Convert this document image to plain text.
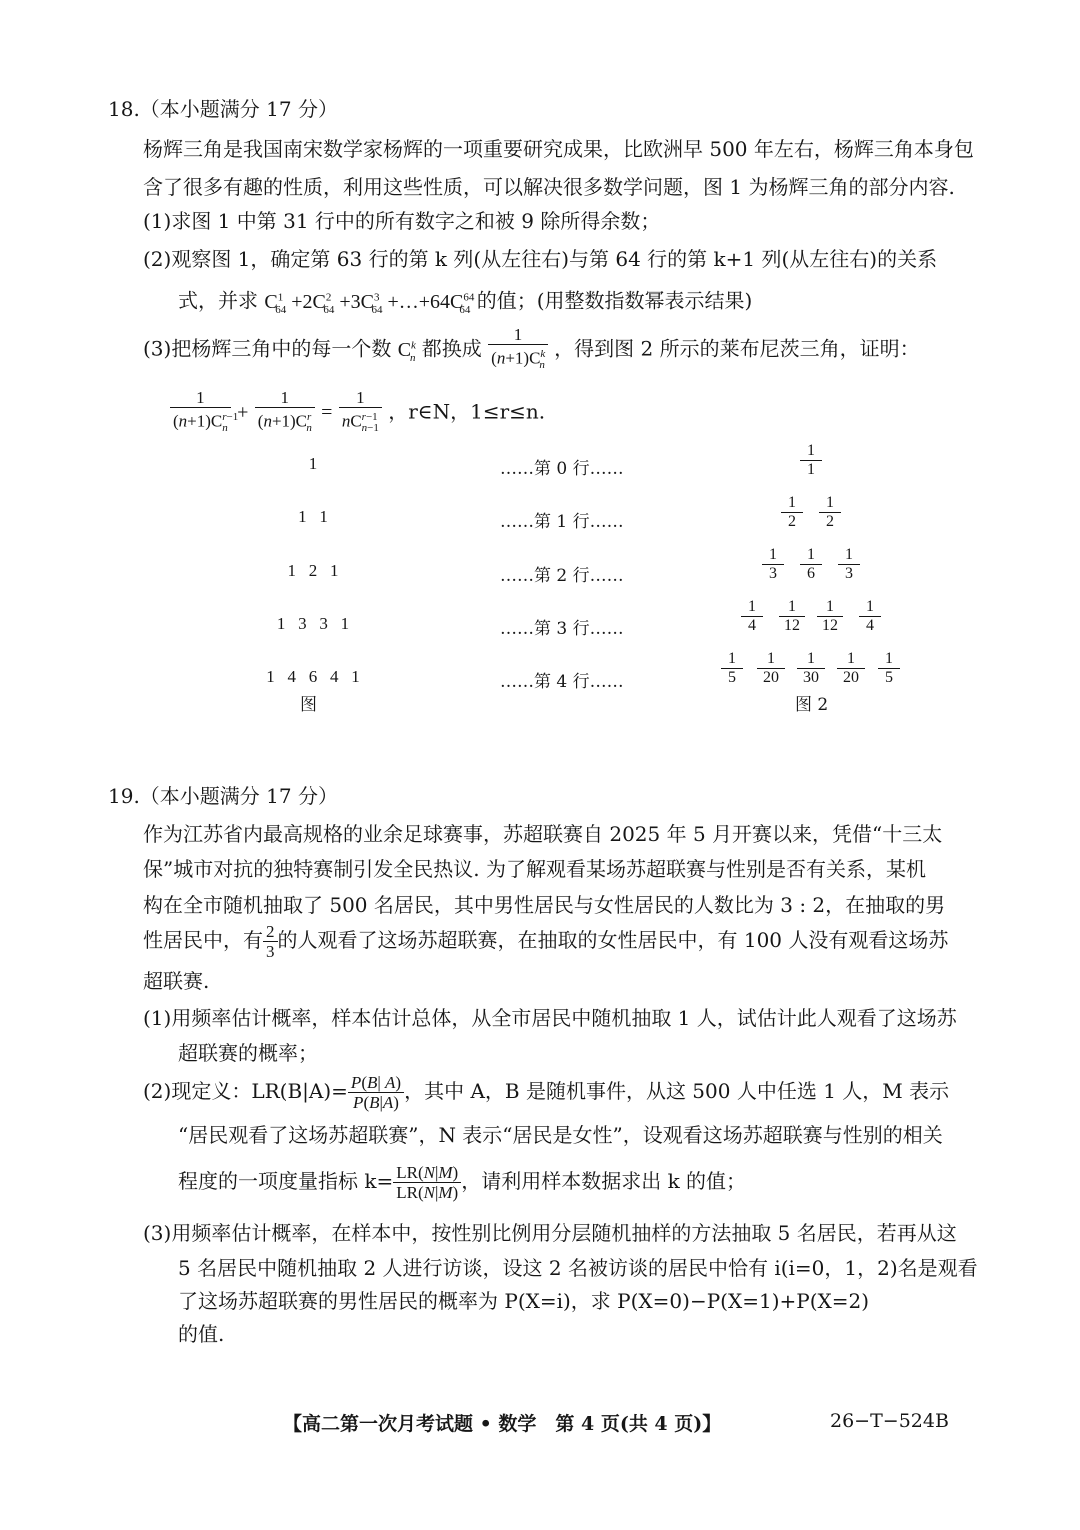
18.（本小题满分 17 分）
杨辉三角是我国南宋数学家杨辉的一项重要研究成果，比欧洲早 500 年左右，杨辉三角本身包
含了很多有趣的性质，利用这些性质，可以解决很多数学问题，图 1 为杨辉三角的部分内容.
(1)求图 1 中第 31 行中的所有数字之和被 9 除所得余数；
(2)观察图 1，确定第 63 行的第 k 列(从左往右)与第 64 行的第 k+1 列(从左往右)的关系
式，并求 $C^1_{64} +2C^2_{64} +3C^3_{64}$ $+\dots+64C^{64}_{64}$ 的值；(用整数指数幂表示结果)
(3)把杨辉三角中的每一个数 $C^k_n$ 都换成 $\frac{1}{(n+1)C^k_n}$ ，得到图 2 所示的莱布尼茨三角，证明：
$\frac{1}{(n+1)C^{r-1}_n} + \frac{1}{(n+1)C^r_n} = \frac{1}{nC^{r-1}_{n-1}}$ ，r∈N，1≤r≤n.
1
1   1
1   2   1
1   3   3   1
1   4   6   4   1
图
……第 0 行……
……第 1 行……
……第 2 行……
……第 3 行……
……第 4 行……
1
1
1
2
1
2
1
3
1
6
1
3
1
4
1
12
1
12
1
4
1
5
1
20
1
30
1
20
1
5
图 2
19.（本小题满分 17 分）
作为江苏省内最高规格的业余足球赛事，苏超联赛自 2025 年 5 月开赛以来，凭借“十三太
保”城市对抗的独特赛制引发全民热议. 为了解观看某场苏超联赛与性别是否有关系，某机
构在全市随机抽取了 500 名居民，其中男性居民与女性居民的人数比为 3 : 2，在抽取的男
性居民中，有 $\frac{2}{3}$ 的人观看了这场苏超联赛，在抽取的女性居民中，有 100 人没有观看这场苏
超联赛.
(1)用频率估计概率，样本估计总体，从全市居民中随机抽取 1 人，试估计此人观看了这场苏
超联赛的概率；
(2)现定义：$LR(B|A)= \frac{P(B| A)}{P(\overline{B}|A)}$ ，其中 A，B 是随机事件，从这 500 人中任选 1 人，M 表示
“居民观看了这场苏超联赛”，N 表示“居民是女性”，设观看这场苏超联赛与性别的相关
程度的一项度量指标 $k= \frac{LR(N|M)}{LR(N|\overline{M})}$ ，请利用样本数据求出 k 的值；
(3)用频率估计概率，在样本中，按性别比例用分层随机抽样的方法抽取 5 名居民，若再从这
5 名居民中随机抽取 2 人进行访谈，设这 2 名被访谈的居民中恰有 i(i=0，1，2)名是观看
了这场苏超联赛的男性居民的概率为 P(X=i)，求 P(X=0)−P(X=1)+P(X=2)
的值.
【高二第一次月考试题 • 数学　第 4 页(共 4 页)】	26−T−524B
